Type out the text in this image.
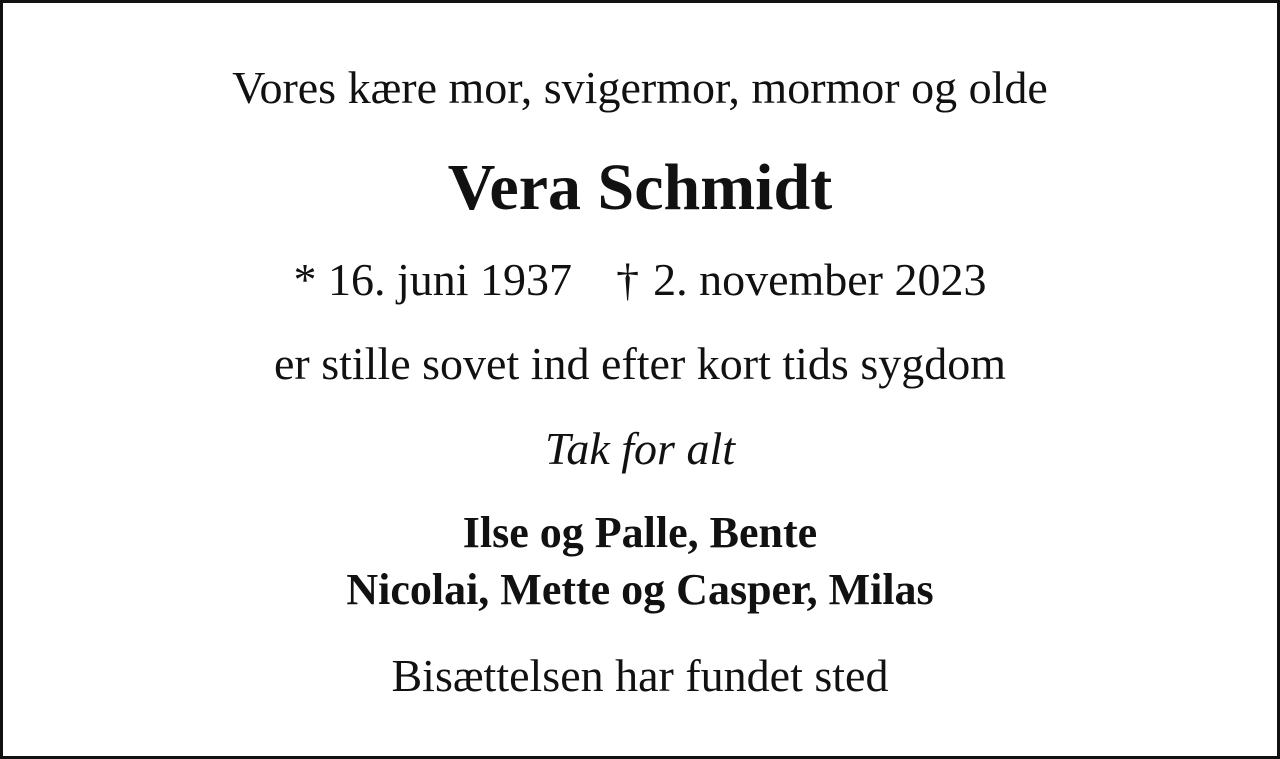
Vores kære mor, svigermor, mormor og olde
Vera Schmidt
* 16. juni 1937 † 2. november 2023
er stille sovet ind efter kort tids sygdom
Tak for alt
Ilse og Palle, Bente
Nicolai, Mette og Casper, Milas
Bisættelsen har fundet sted
